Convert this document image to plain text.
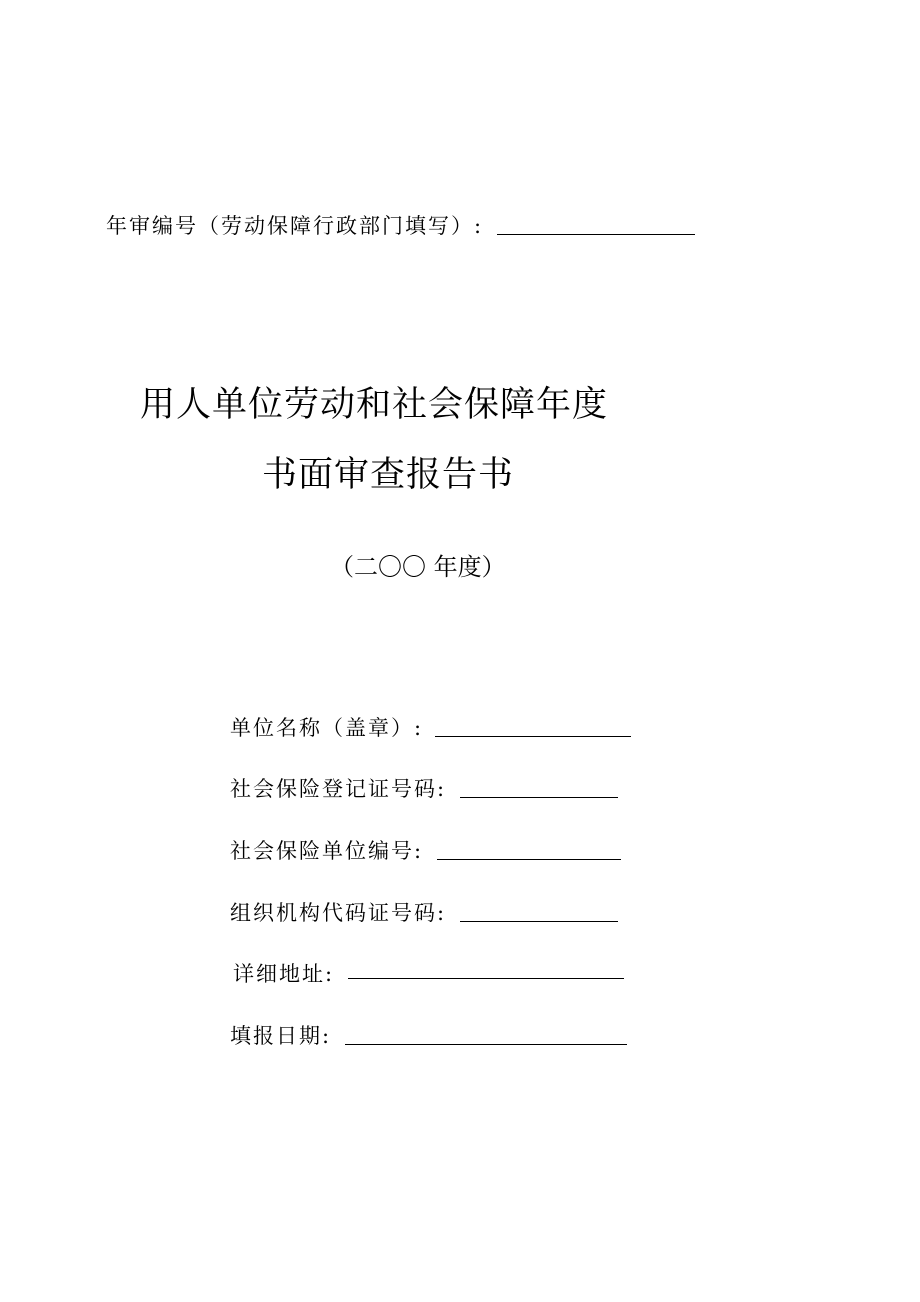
年审编号（劳动保障行政部门填写）:
用人单位劳动和社会保障年度
书面审查报告书
（二〇〇 年度）
单位名称（盖章）:
社会保险登记证号码:
社会保险单位编号:
组织机构代码证号码:
详细地址:
填报日期:
